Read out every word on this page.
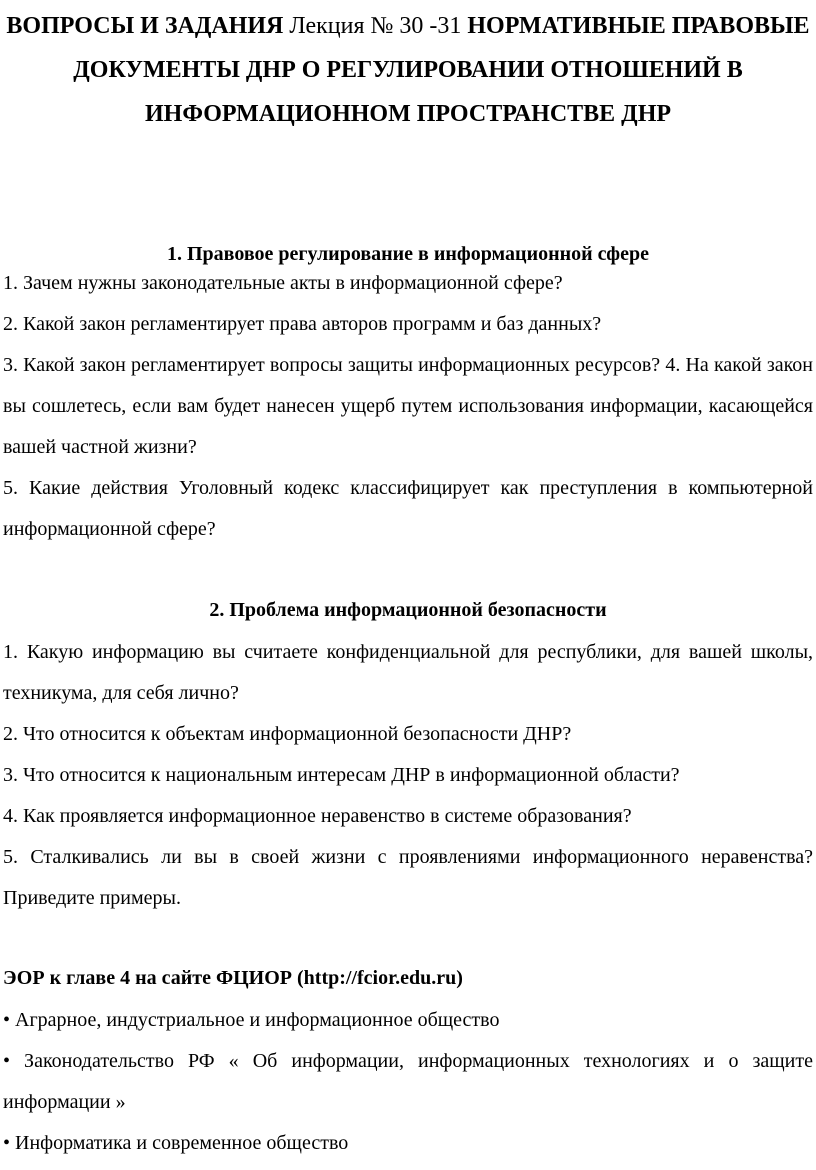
ВОПРОСЫ И ЗАДАНИЯ Лекция № 30 -31 НОРМАТИВНЫЕ ПРАВОВЫЕ ДОКУМЕНТЫ ДНР О РЕГУЛИРОВАНИИ ОТНОШЕНИЙ В ИНФОРМАЦИОННОМ ПРОСТРАНСТВЕ ДНР
1. Правовое регулирование в информационной сфере
1. Зачем нужны законодательные акты в информационной сфере?
2. Какой закон регламентирует права авторов программ и баз данных?
3. Какой закон регламентирует вопросы защиты информационных ресурсов? 4. На какой закон вы сошлетесь, если вам будет нанесен ущерб путем использования информации, касающейся вашей частной жизни?
5. Какие действия Уголовный кодекс классифицирует как преступления в компьютерной информационной сфере?
2. Проблема информационной безопасности
1. Какую информацию вы считаете конфиденциальной для республики, для вашей школы, техникума, для себя лично?
2. Что относится к объектам информационной безопасности ДНР?
3. Что относится к национальным интересам ДНР в информационной области?
4. Как проявляется информационное неравенство в системе образования?
5. Сталкивались ли вы в своей жизни с проявлениями информационного неравенства? Приведите примеры.
ЭОР к главе 4 на сайте ФЦИОР (http://fcior.edu.ru)
• Аграрное, индустриальное и информационное общество
• Законодательство РФ « Об информации, информационных технологиях и о защите информации »
• Информатика и современное общество
